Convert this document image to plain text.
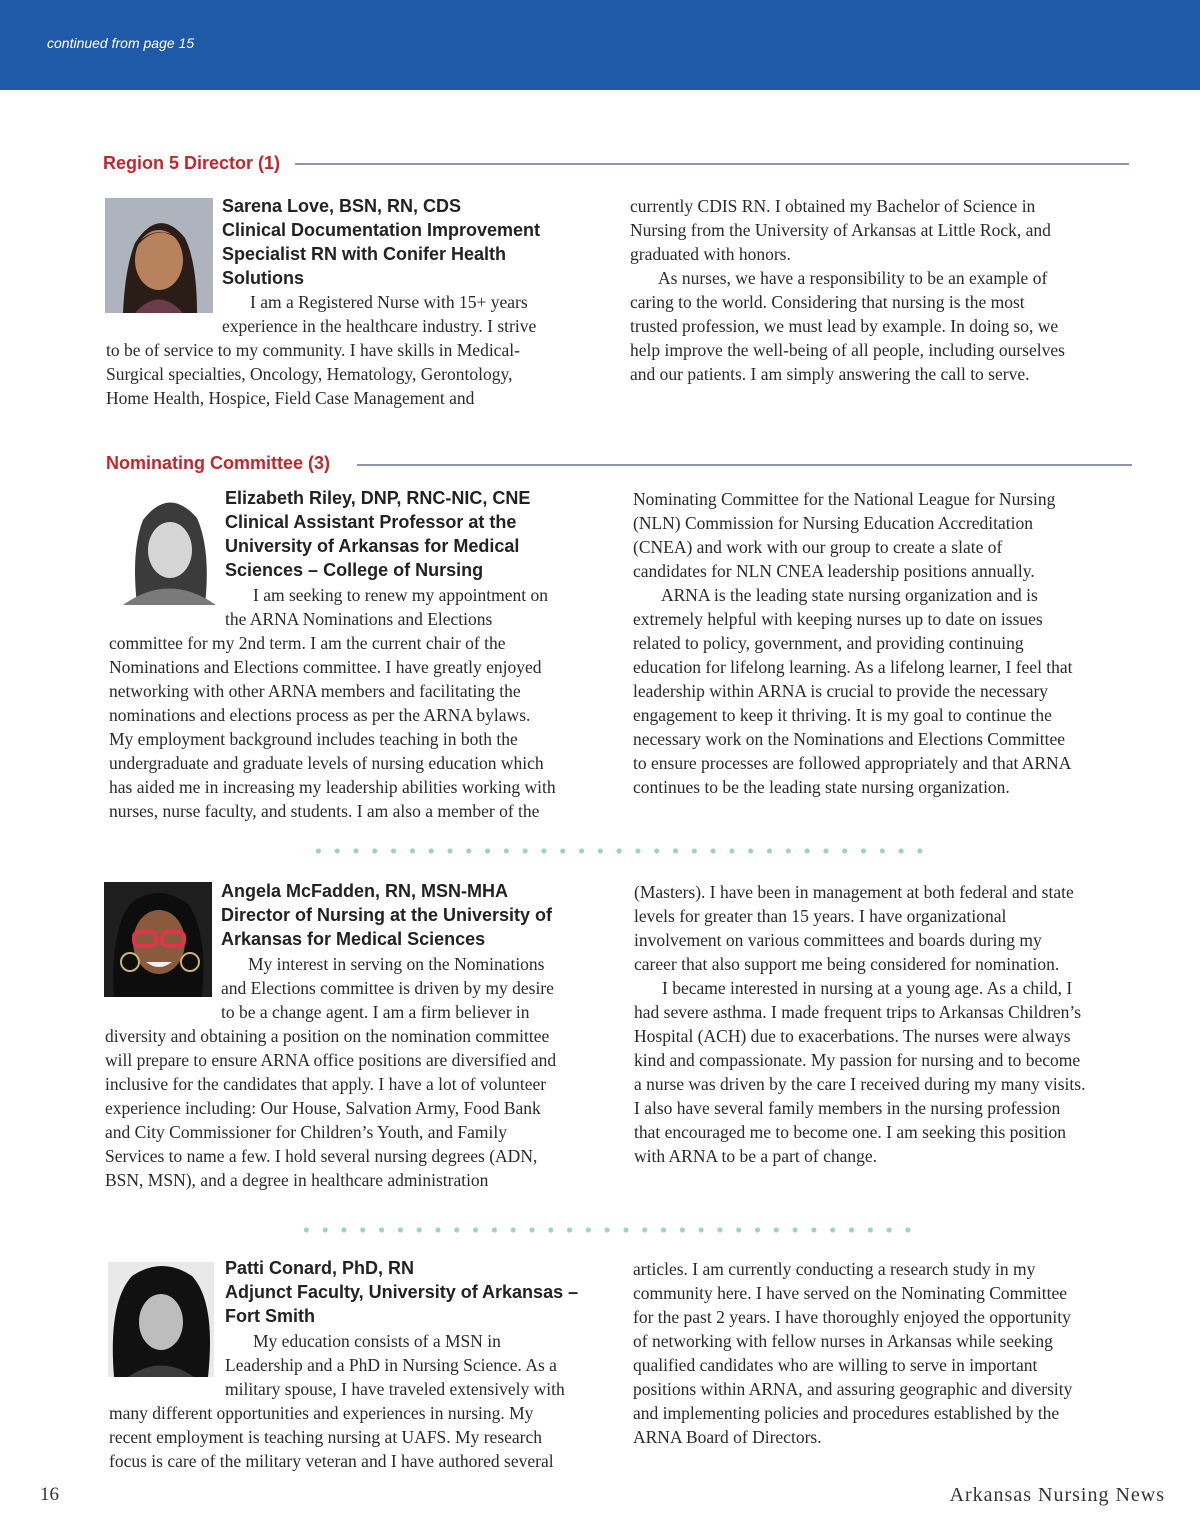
continued from page 15
Region 5 Director (1)
Sarena Love, BSN, RN, CDS
Clinical Documentation Improvement
Specialist RN with Conifer Health
Solutions
I am a Registered Nurse with 15+ years
experience in the healthcare industry. I strive
to be of service to my community. I have skills in Medical-
Surgical specialties, Oncology, Hematology, Gerontology,
Home Health, Hospice, Field Case Management and
currently CDIS RN. I obtained my Bachelor of Science in
Nursing from the University of Arkansas at Little Rock, and
graduated with honors.
As nurses, we have a responsibility to be an example of
caring to the world. Considering that nursing is the most
trusted profession, we must lead by example. In doing so, we
help improve the well-being of all people, including ourselves
and our patients. I am simply answering the call to serve.
Nominating Committee (3)
Elizabeth Riley, DNP, RNC-NIC, CNE
Clinical Assistant Professor at the
University of Arkansas for Medical
Sciences – College of Nursing
I am seeking to renew my appointment on
the ARNA Nominations and Elections
committee for my 2nd term. I am the current chair of the
Nominations and Elections committee. I have greatly enjoyed
networking with other ARNA members and facilitating the
nominations and elections process as per the ARNA bylaws.
My employment background includes teaching in both the
undergraduate and graduate levels of nursing education which
has aided me in increasing my leadership abilities working with
nurses, nurse faculty, and students. I am also a member of the
Nominating Committee for the National League for Nursing
(NLN) Commission for Nursing Education Accreditation
(CNEA) and work with our group to create a slate of
candidates for NLN CNEA leadership positions annually.
ARNA is the leading state nursing organization and is
extremely helpful with keeping nurses up to date on issues
related to policy, government, and providing continuing
education for lifelong learning. As a lifelong learner, I feel that
leadership within ARNA is crucial to provide the necessary
engagement to keep it thriving. It is my goal to continue the
necessary work on the Nominations and Elections Committee
to ensure processes are followed appropriately and that ARNA
continues to be the leading state nursing organization.
Angela McFadden, RN, MSN-MHA
Director of Nursing at the University of
Arkansas for Medical Sciences
My interest in serving on the Nominations
and Elections committee is driven by my desire
to be a change agent. I am a firm believer in
diversity and obtaining a position on the nomination committee
will prepare to ensure ARNA office positions are diversified and
inclusive for the candidates that apply. I have a lot of volunteer
experience including: Our House, Salvation Army, Food Bank
and City Commissioner for Children’s Youth, and Family
Services to name a few. I hold several nursing degrees (ADN,
BSN, MSN), and a degree in healthcare administration
(Masters). I have been in management at both federal and state
levels for greater than 15 years. I have organizational
involvement on various committees and boards during my
career that also support me being considered for nomination.
I became interested in nursing at a young age. As a child, I
had severe asthma. I made frequent trips to Arkansas Children’s
Hospital (ACH) due to exacerbations. The nurses were always
kind and compassionate. My passion for nursing and to become
a nurse was driven by the care I received during my many visits.
I also have several family members in the nursing profession
that encouraged me to become one. I am seeking this position
with ARNA to be a part of change.
Patti Conard, PhD, RN
Adjunct Faculty, University of Arkansas –
Fort Smith
My education consists of a MSN in
Leadership and a PhD in Nursing Science. As a
military spouse, I have traveled extensively with
many different opportunities and experiences in nursing. My
recent employment is teaching nursing at UAFS. My research
focus is care of the military veteran and I have authored several
articles. I am currently conducting a research study in my
community here. I have served on the Nominating Committee
for the past 2 years. I have thoroughly enjoyed the opportunity
of networking with fellow nurses in Arkansas while seeking
qualified candidates who are willing to serve in important
positions within ARNA, and assuring geographic and diversity
and implementing policies and procedures established by the
ARNA Board of Directors.
16	Arkansas Nursing News
